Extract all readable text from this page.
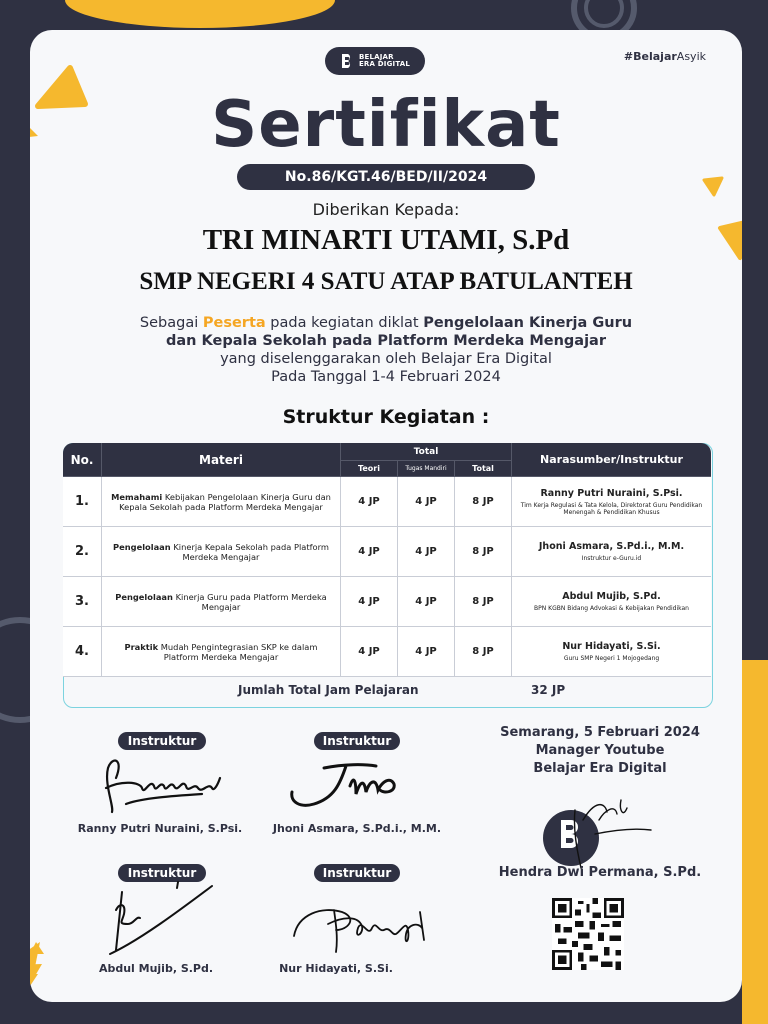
BELAJAR
ERA DIGITAL
#BelajarAsyik
Sertifikat
No.86/KGT.46/BED/II/2024
Diberikan Kepada:
TRI MINARTI UTAMI, S.Pd
SMP NEGERI 4 SATU ATAP BATULANTEH
Sebagai Peserta pada kegiatan diklat Pengelolaan Kinerja Guru
dan Kepala Sekolah pada Platform Merdeka Mengajar
yang diselenggarakan oleh Belajar Era Digital
Pada Tanggal 1-4 Februari 2024
Struktur Kegiatan :
No.	Materi	Total			Narasumber/Instruktur
		Teori	Tugas Mandiri	Total	
1.	Memahami Kebijakan Pengelolaan Kinerja Guru dan Kepala Sekolah pada Platform Merdeka Mengajar	4 JP	4 JP	8 JP	Ranny Putri Nuraini, S.Psi.
Tim Kerja Regulasi & Tata Kelola, Direktorat Guru Pendidikan Menengah & Pendidikan Khusus

2.	Pengelolaan Kinerja Kepala Sekolah pada Platform Merdeka Mengajar	4 JP	4 JP	8 JP	Jhoni Asmara, S.Pd.i., M.M.
Instruktur e-Guru.id

3.	Pengelolaan Kinerja Guru pada Platform Merdeka Mengajar	4 JP	4 JP	8 JP	Abdul Mujib, S.Pd.
BPN KGBN Bidang Advokasi & Kebijakan Pendidikan

4.	Praktik Mudah Pengintegrasian SKP ke dalam Platform Merdeka Mengajar	4 JP	4 JP	8 JP	Nur Hidayati, S.Si.
Guru SMP Negeri 1 Mojogedang
Jumlah Total Jam Pelajaran	32 JP
Instruktur
Ranny Putri Nuraini, S.Psi.
Instruktur
Jhoni Asmara, S.Pd.i., M.M.
Instruktur
Abdul Mujib, S.Pd.
Instruktur
Nur Hidayati, S.Si.
Semarang, 5 Februari 2024
Manager Youtube
Belajar Era Digital
Hendra Dwi Permana, S.Pd.
